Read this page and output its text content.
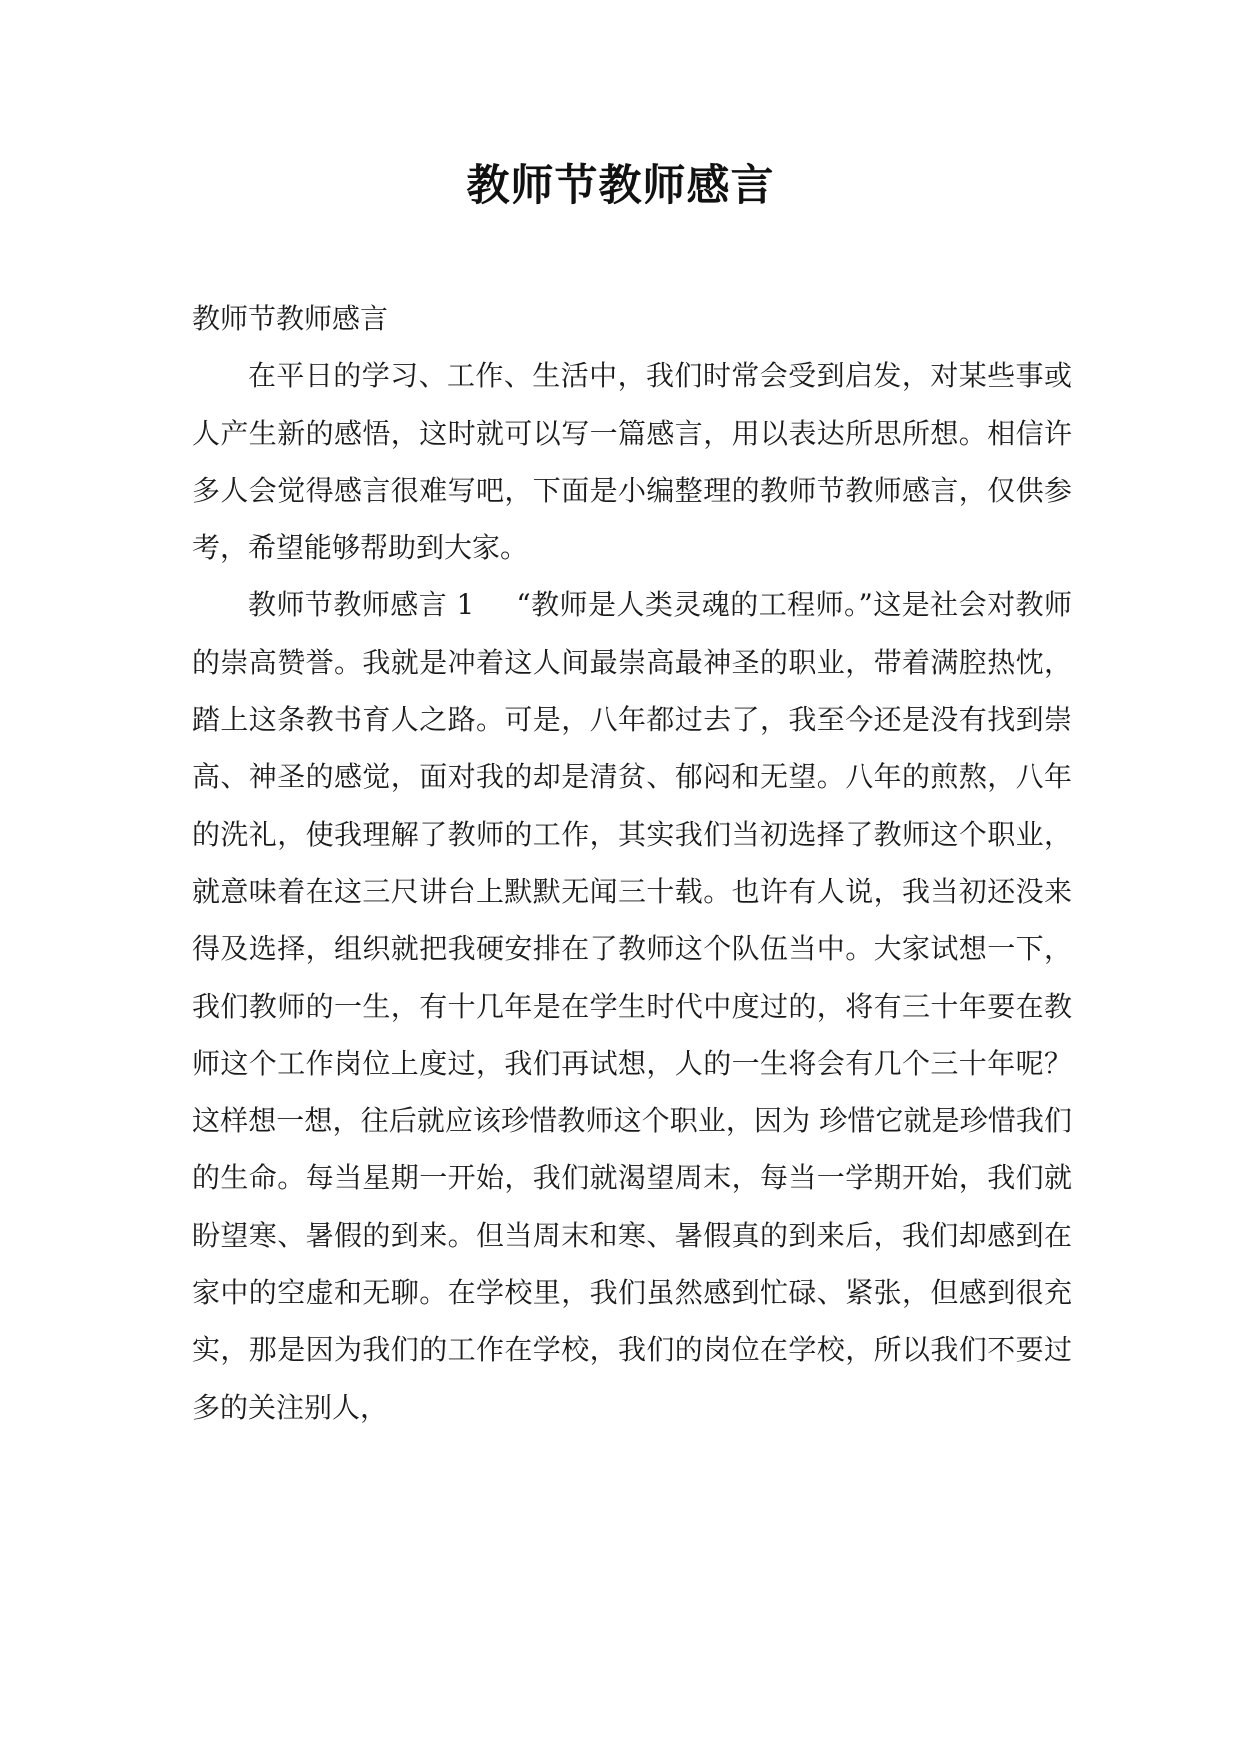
教师节教师感言

教师节教师感言

在平日的学习、工作、生活中，我们时常会受到启发，对某些事或人产生新的感悟，这时就可以写一篇感言，用以表达所思所想。相信许多人会觉得感言很难写吧，下面是小编整理的教师节教师感言，仅供参考，希望能够帮助到大家。

教师节教师感言 1 “教师是人类灵魂的工程师。”这是社会对教师的崇高赞誉。我就是冲着这人间最崇高最神圣的职业，带着满腔热忱，踏上这条教书育人之路。可是，八年都过去了，我至今还是没有找到崇高、神圣的感觉，面对我的却是清贫、郁闷和无望。八年的煎熬，八年的洗礼，使我理解了教师的工作，其实我们当初选择了教师这个职业，就意味着在这三尺讲台上默默无闻三十载。也许有人说，我当初还没来得及选择，组织就把我硬安排在了教师这个队伍当中。大家试想一下，我们教师的一生，有十几年是在学生时代中度过的，将有三十年要在教师这个工作岗位上度过，我们再试想，人的一生将会有几个三十年呢？这样想一想，往后就应该珍惜教师这个职业，因为 珍惜它就是珍惜我们的生命。每当星期一开始，我们就渴望周末，每当一学期开始，我们就盼望寒、暑假的到来。但当周末和寒、暑假真的到来后，我们却感到在家中的空虚和无聊。在学校里，我们虽然感到忙碌、紧张，但感到很充实，那是因为我们的工作在学校，我们的岗位在学校，所以我们不要过多的关注别人，
